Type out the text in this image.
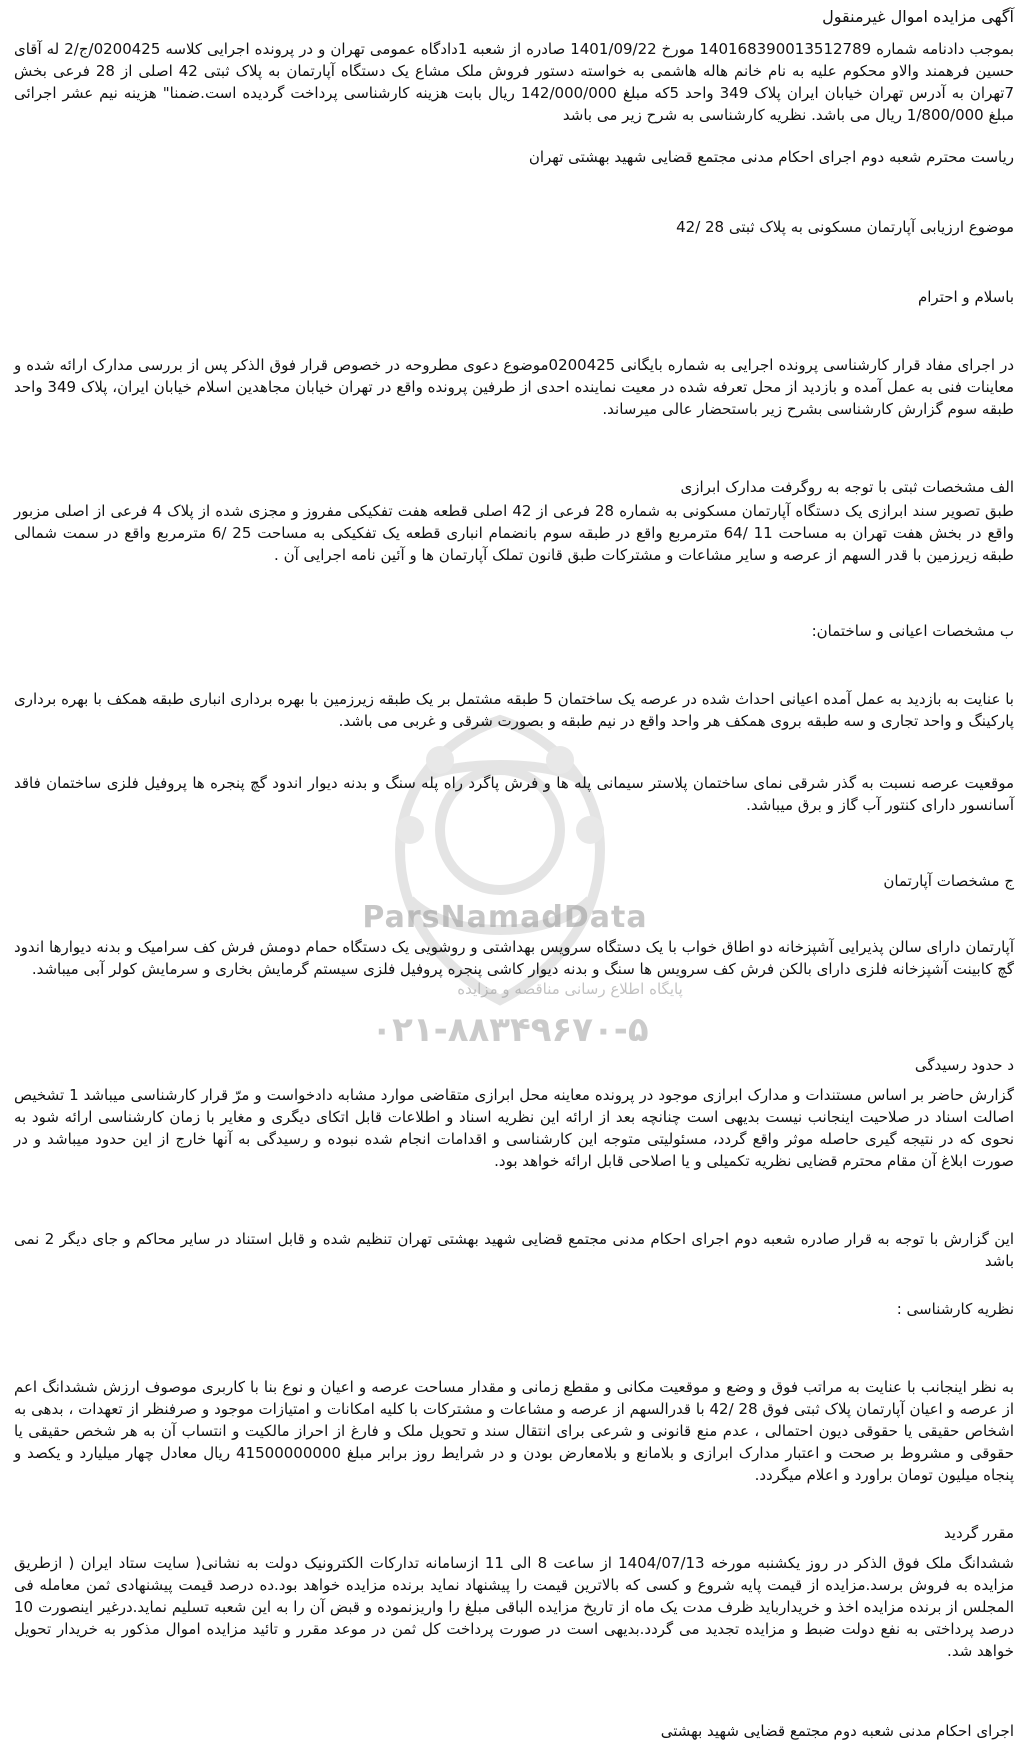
ParsNamadData
۰۲۱-۸۸۳۴۹۶۷۰-۵
پایگاه اطلاع رسانی مناقصه و مزایده
آگهی مزایده اموال غیرمنقول
بموجب دادنامه شماره 140168390013512789 مورخ 1401/09/22 صادره از شعبه 1دادگاه عمومی تهران و در پرونده اجرایی کلاسه 0200425/ج/2 له آقای حسین فرهمند والاو محکوم علیه به نام خانم هاله هاشمی به خواسته دستور فروش ملک مشاع یک دستگاه آپارتمان به پلاک ثبتی 42 اصلی از 28 فرعی بخش 7تهران به آدرس تهران خیابان ایران پلاک 349 واحد 5که مبلغ 142/000/000 ریال بابت هزینه کارشناسی پرداخت گردیده است.ضمنا" هزینه نیم عشر اجرائی مبلغ 1/800/000 ریال می باشد. نظریه کارشناسی به شرح زیر می باشد
ریاست محترم شعبه دوم اجرای احکام مدنی مجتمع قضایی شهید بهشتی تهران
موضوع ارزیابی آپارتمان مسکونی به پلاک ثبتی 28 /42
باسلام و احترام
در اجرای مفاد قرار کارشناسی پرونده اجرایی به شماره بایگانی 0200425موضوع دعوی مطروحه در خصوص قرار فوق الذکر پس از بررسی مدارک ارائه شده و معاینات فنی به عمل آمده و بازدید از محل تعرفه شده در معیت نماینده احدی از طرفین پرونده واقع در تهران خیابان مجاهدین اسلام خیابان ایران، پلاک 349 واحد طبقه سوم گزارش کارشناسی بشرح زیر باستحضار عالی میرساند.
الف مشخصات ثبتی با توجه به روگرفت مدارک ابرازی
طبق تصویر سند ابرازی یک دستگاه آپارتمان مسکونی به شماره 28 فرعی از 42 اصلی قطعه هفت تفکیکی مفروز و مجزی شده از پلاک 4 فرعی از اصلی مزبور واقع در بخش هفت تهران به مساحت 11 /64 مترمربع واقع در طبقه سوم بانضمام انباری قطعه یک تفکیکی به مساحت 25 /6 مترمربع واقع در سمت شمالی طبقه زیرزمین با قدر السهم از عرصه و سایر مشاعات و مشترکات طبق قانون تملک آپارتمان ها و آئین نامه اجرایی آن .
ب مشخصات اعیانی و ساختمان:
با عنایت به بازدید به عمل آمده اعیانی احداث شده در عرصه یک ساختمان 5 طبقه مشتمل بر یک طبقه زیرزمین با بهره برداری انباری طبقه همکف با بهره برداری پارکینگ و واحد تجاری و سه طبقه بروی همکف هر واحد واقع در نیم طبقه و بصورت شرقی و غربی می باشد.
موقعیت عرصه نسبت به گذر شرقی نمای ساختمان پلاستر سیمانی پله ها و فرش پاگرد راه پله سنگ و بدنه دیوار اندود گچ پنجره ها پروفیل فلزی ساختمان فاقد آسانسور دارای کنتور آب گاز و برق میباشد.
ج مشخصات آپارتمان
آپارتمان دارای سالن پذیرایی آشپزخانه دو اطاق خواب با یک دستگاه سرویس بهداشتی و روشویی یک دستگاه حمام دومش فرش کف سرامیک و بدنه دیوارها اندود گچ کابینت آشپزخانه فلزی دارای بالکن فرش کف سرویس ها سنگ و بدنه دیوار کاشی پنجره پروفیل فلزی سیستم گرمایش بخاری و سرمایش کولر آبی میباشد.
د حدود رسیدگی
گزارش حاضر بر اساس مستندات و مدارک ابرازی موجود در پرونده معاینه محل ابرازی متقاضی موارد مشابه دادخواست و مرّ قرار کارشناسی میباشد 1 تشخیص اصالت اسناد در صلاحیت اینجانب نیست بدیهی است چنانچه بعد از ارائه این نظریه اسناد و اطلاعات قابل اتکای دیگری و مغایر با زمان کارشناسی ارائه شود به نحوی که در نتیجه گیری حاصله موثر واقع گردد، مسئولیتی متوجه این کارشناسی و اقدامات انجام شده نبوده و رسیدگی به آنها خارج از این حدود میباشد و در صورت ابلاغ آن مقام محترم قضایی نظریه تکمیلی و یا اصلاحی قابل ارائه خواهد بود.
این گزارش با توجه به قرار صادره شعبه دوم اجرای احکام مدنی مجتمع قضایی شهید بهشتی تهران تنظیم شده و قابل استناد در سایر محاکم و جای دیگر 2 نمی باشد
نظریه کارشناسی :
به نظر اینجانب با عنایت به مراتب فوق و وضع و موقعیت مکانی و مقطع زمانی و مقدار مساحت عرصه و اعیان و نوع بنا با کاربری موصوف ارزش ششدانگ اعم از عرصه و اعیان آپارتمان پلاک ثبتی فوق 28 /42 با قدرالسهم از عرصه و مشاعات و مشترکات با کلیه امکانات و امتیازات موجود و صرفنظر از تعهدات ، بدهی به اشخاص حقیقی یا حقوقی دیون احتمالی ، عدم منع قانونی و شرعی برای انتقال سند و تحویل ملک و فارغ از احراز مالکیت و انتساب آن به هر شخص حقیقی یا حقوقی و مشروط بر صحت و اعتبار مدارک ابرازی و بلامانع و بلامعارض بودن و در شرایط روز برابر مبلغ 41500000000 ریال معادل چهار میلیارد و یکصد و پنجاه میلیون تومان براورد و اعلام میگردد.
مقرر گردید
ششدانگ ملک فوق الذکر در روز یکشنبه مورخه 1404/07/13 از ساعت 8 الی 11 ازسامانه تدارکات الکترونیک دولت به نشانی( سایت ستاد ایران ( ازطریق مزایده به فروش برسد.مزایده از قیمت پایه شروع و کسی که بالاترین قیمت را پیشنهاد نماید برنده مزایده خواهد بود.ده درصد قیمت پیشنهادی ثمن معامله فی المجلس از برنده مزایده اخذ و خریدارباید ظرف مدت یک ماه از تاریخ مزایده الباقی مبلغ را واریزنموده و قبض آن را به این شعبه تسلیم نماید.درغیر اینصورت 10 درصد پرداختی به نفع دولت ضبط و مزایده تجدید می گردد.بدیهی است در صورت پرداخت کل ثمن در موعد مقرر و تائید مزایده اموال مذکور به خریدار تحویل خواهد شد.
اجرای احکام مدنی شعبه دوم مجتمع قضایی شهید بهشتی
